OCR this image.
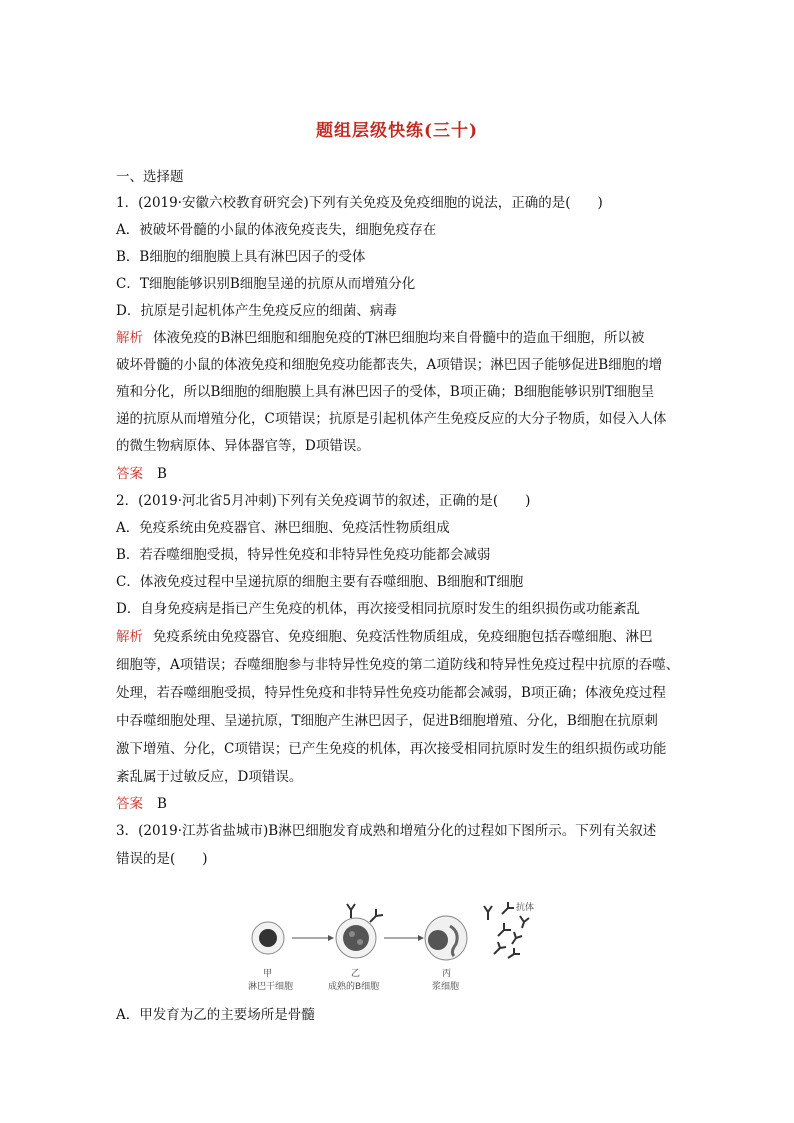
题组层级快练(三十)
一、选择题
1．(2019·安徽六校教育研究会)下列有关免疫及免疫细胞的说法，正确的是(　　)
A．被破坏骨髓的小鼠的体液免疫丧失，细胞免疫存在
B．B细胞的细胞膜上具有淋巴因子的受体
C．T细胞能够识别B细胞呈递的抗原从而增殖分化
D．抗原是引起机体产生免疫反应的细菌、病毒
解析 体液免疫的B淋巴细胞和细胞免疫的T淋巴细胞均来自骨髓中的造血干细胞，所以被
破坏骨髓的小鼠的体液免疫和细胞免疫功能都丧失，A项错误；淋巴因子能够促进B细胞的增
殖和分化，所以B细胞的细胞膜上具有淋巴因子的受体，B项正确；B细胞能够识别T细胞呈
递的抗原从而增殖分化，C项错误；抗原是引起机体产生免疫反应的大分子物质，如侵入人体
的微生物病原体、异体器官等，D项错误。
答案 B
2．(2019·河北省5月冲刺)下列有关免疫调节的叙述，正确的是(　　)
A．免疫系统由免疫器官、淋巴细胞、免疫活性物质组成
B．若吞噬细胞受损，特异性免疫和非特异性免疫功能都会减弱
C．体液免疫过程中呈递抗原的细胞主要有吞噬细胞、B细胞和T细胞
D．自身免疫病是指已产生免疫的机体，再次接受相同抗原时发生的组织损伤或功能紊乱
解析 免疫系统由免疫器官、免疫细胞、免疫活性物质组成，免疫细胞包括吞噬细胞、淋巴
细胞等，A项错误；吞噬细胞参与非特异性免疫的第二道防线和特异性免疫过程中抗原的吞噬、
处理，若吞噬细胞受损，特异性免疫和非特异性免疫功能都会减弱，B项正确；体液免疫过程
中吞噬细胞处理、呈递抗原，T细胞产生淋巴因子，促进B细胞增殖、分化，B细胞在抗原刺
激下增殖、分化，C项错误；已产生免疫的机体，再次接受相同抗原时发生的组织损伤或功能
紊乱属于过敏反应，D项错误。
答案 B
3．(2019·江苏省盐城市)B淋巴细胞发育成熟和增殖分化的过程如下图所示。下列有关叙述
错误的是(　　)
抗体
甲
淋巴干细胞
乙
成熟的B细胞
丙
浆细胞
A．甲发育为乙的主要场所是骨髓
